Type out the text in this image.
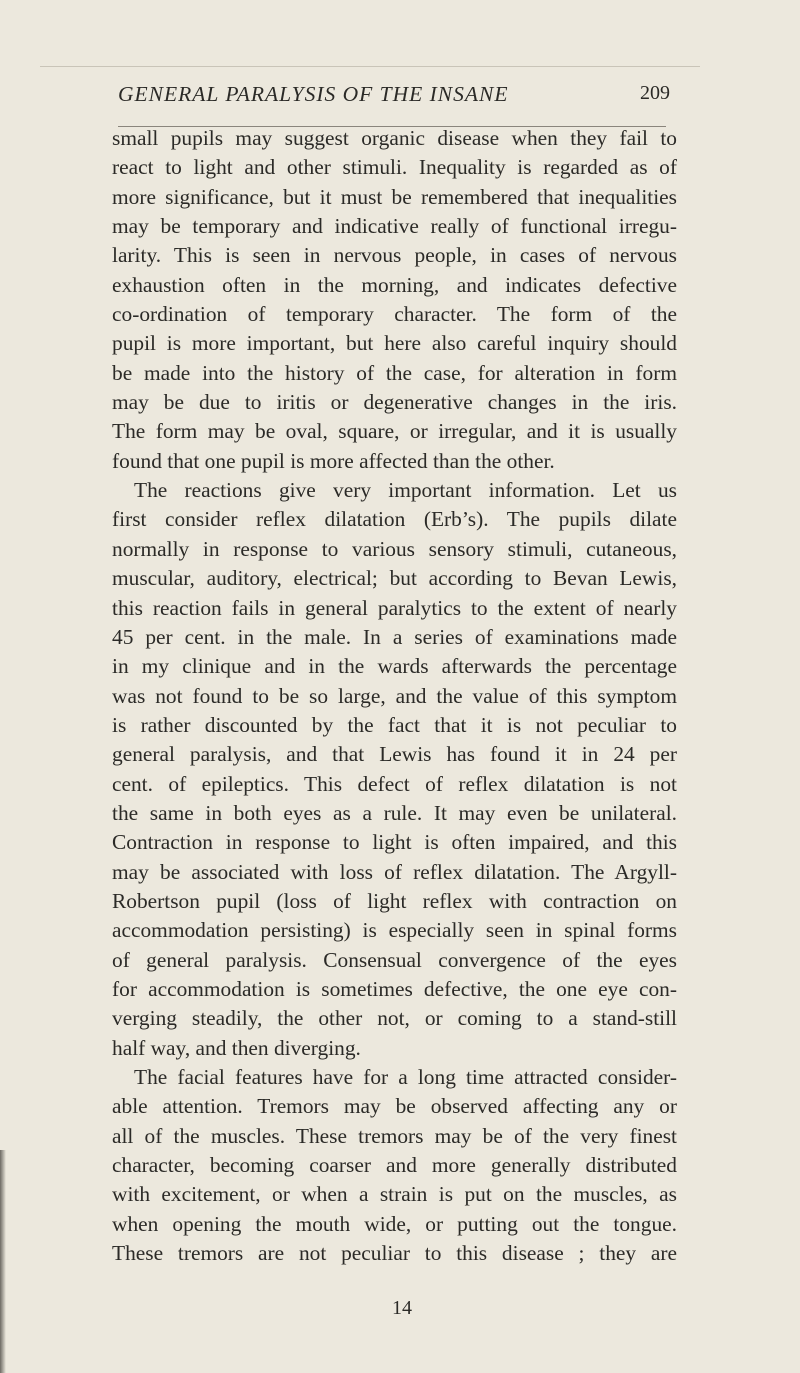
GENERAL PARALYSIS OF THE INSANE	209
small pupils may suggest organic disease when they fail to
react to light and other stimuli. Inequality is regarded as of
more significance, but it must be remembered that inequalities
may be temporary and indicative really of functional irregu-
larity. This is seen in nervous people, in cases of nervous
exhaustion often in the morning, and indicates defective
co-ordination of temporary character. The form of the
pupil is more important, but here also careful inquiry should
be made into the history of the case, for alteration in form
may be due to iritis or degenerative changes in the iris.
The form may be oval, square, or irregular, and it is usually
found that one pupil is more affected than the other.
The reactions give very important information. Let us
first consider reflex dilatation (Erb’s). The pupils dilate
normally in response to various sensory stimuli, cutaneous,
muscular, auditory, electrical; but according to Bevan Lewis,
this reaction fails in general paralytics to the extent of nearly
45 per cent. in the male. In a series of examinations made
in my clinique and in the wards afterwards the percentage
was not found to be so large, and the value of this symptom
is rather discounted by the fact that it is not peculiar to
general paralysis, and that Lewis has found it in 24 per
cent. of epileptics. This defect of reflex dilatation is not
the same in both eyes as a rule. It may even be unilateral.
Contraction in response to light is often impaired, and this
may be associated with loss of reflex dilatation. The Argyll-
Robertson pupil (loss of light reflex with contraction on
accommodation persisting) is especially seen in spinal forms
of general paralysis. Consensual convergence of the eyes
for accommodation is sometimes defective, the one eye con-
verging steadily, the other not, or coming to a stand-still
half way, and then diverging.
The facial features have for a long time attracted consider-
able attention. Tremors may be observed affecting any or
all of the muscles. These tremors may be of the very finest
character, becoming coarser and more generally distributed
with excitement, or when a strain is put on the muscles, as
when opening the mouth wide, or putting out the tongue.
These tremors are not peculiar to this disease ; they are
14
